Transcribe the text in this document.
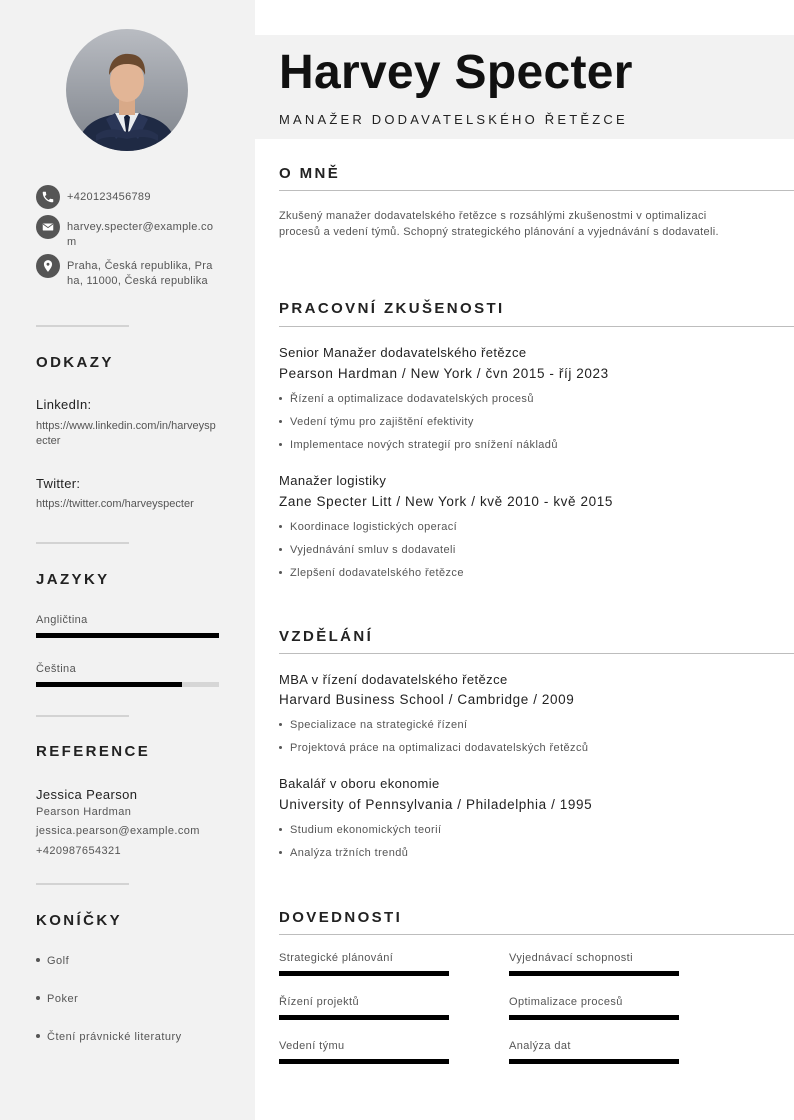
+420123456789
harvey.specter@example.com
Praha, Česká republika, Praha, 11000, Česká republika
ODKAZY
LinkedIn:
https://www.linkedin.com/in/harveyspecter
Twitter:
https://twitter.com/harveyspecter
JAZYKY
Angličtina
Čeština
REFERENCE
Jessica Pearson
Pearson Hardman
jessica.pearson@example.com
+420987654321
KONÍČKY
Golf
Poker
Čtení právnické literatury
Harvey Specter
MANAŽER DODAVATELSKÉHO ŘETĚZCE
O MNĚ
Zkušený manažer dodavatelského řetězce s rozsáhlými zkušenostmi v optimalizaci procesů a vedení týmů. Schopný strategického plánování a vyjednávání s dodavateli.
PRACOVNÍ ZKUŠENOSTI
Senior Manažer dodavatelského řetězce
Pearson Hardman / New York / čvn 2015 - říj 2023
Řízení a optimalizace dodavatelských procesů
Vedení týmu pro zajištění efektivity
Implementace nových strategií pro snížení nákladů
Manažer logistiky
Zane Specter Litt / New York / kvě 2010 - kvě 2015
Koordinace logistických operací
Vyjednávání smluv s dodavateli
Zlepšení dodavatelského řetězce
VZDĚLÁNÍ
MBA v řízení dodavatelského řetězce
Harvard Business School / Cambridge / 2009
Specializace na strategické řízení
Projektová práce na optimalizaci dodavatelských řetězců
Bakalář v oboru ekonomie
University of Pennsylvania / Philadelphia / 1995
Studium ekonomických teorií
Analýza tržních trendů
DOVEDNOSTI
Strategické plánování	Vyjednávací schopnosti
Řízení projektů	Optimalizace procesů
Vedení týmu	Analýza dat
